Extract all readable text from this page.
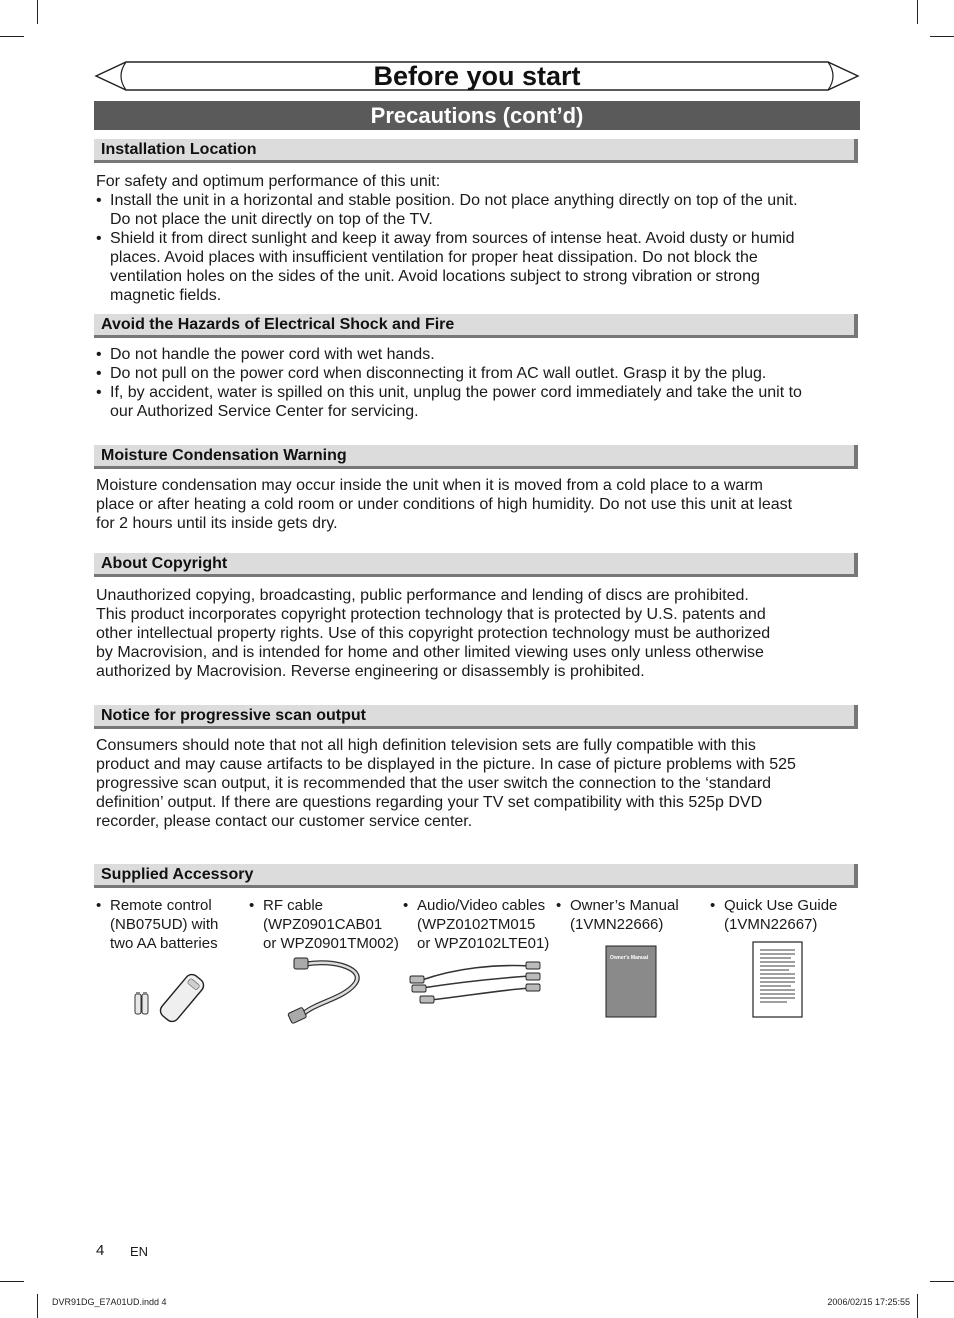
Before you start
Precautions (cont’d)
Installation Location

For safety and optimum performance of this unit:

• Install the unit in a horizontal and stable position. Do not place anything directly on top of the unit.
Do not place the unit directly on top of the TV.
• Shield it from direct sunlight and keep it away from sources of intense heat. Avoid dusty or humid
places. Avoid places with insufficient ventilation for proper heat dissipation. Do not block the
ventilation holes on the sides of the unit. Avoid locations subject to strong vibration or strong
magnetic fields.
Avoid the Hazards of Electrical Shock and Fire
• Do not handle the power cord with wet hands.
• Do not pull on the power cord when disconnecting it from AC wall outlet. Grasp it by the plug.
• If, by accident, water is spilled on this unit, unplug the power cord immediately and take the unit to
our Authorized Service Center for servicing.
Moisture Condensation Warning
Moisture condensation may occur inside the unit when it is moved from a cold place to a warm
place or after heating a cold room or under conditions of high humidity. Do not use this unit at least
for 2 hours until its inside gets dry.
About Copyright
Unauthorized copying, broadcasting, public performance and lending of discs are prohibited.
This product incorporates copyright protection technology that is protected by U.S. patents and
other intellectual property rights. Use of this copyright protection technology must be authorized
by Macrovision, and is intended for home and other limited viewing uses only unless otherwise
authorized by Macrovision. Reverse engineering or disassembly is prohibited.
Notice for progressive scan output
Consumers should note that not all high definition television sets are fully compatible with this
product and may cause artifacts to be displayed in the picture. In case of picture problems with 525
progressive scan output, it is recommended that the user switch the connection to the ‘standard
definition’ output. If there are questions regarding your TV set compatibility with this 525p DVD
recorder, please contact our customer service center.
Supplied Accessory
• Remote control
(NB075UD) with
two AA batteries
• RF cable
(WPZ0901CAB01
or WPZ0901TM002)
• Audio/Video cables
(WPZ0102TM015
or WPZ0102LTE01)
• Owner’s Manual
(1VMN22666)
• Quick Use Guide
(1VMN22667)
Owner's Manual
4 EN
DVR91DG_E7A01UD.indd 4	2006/02/15 17:25:55
